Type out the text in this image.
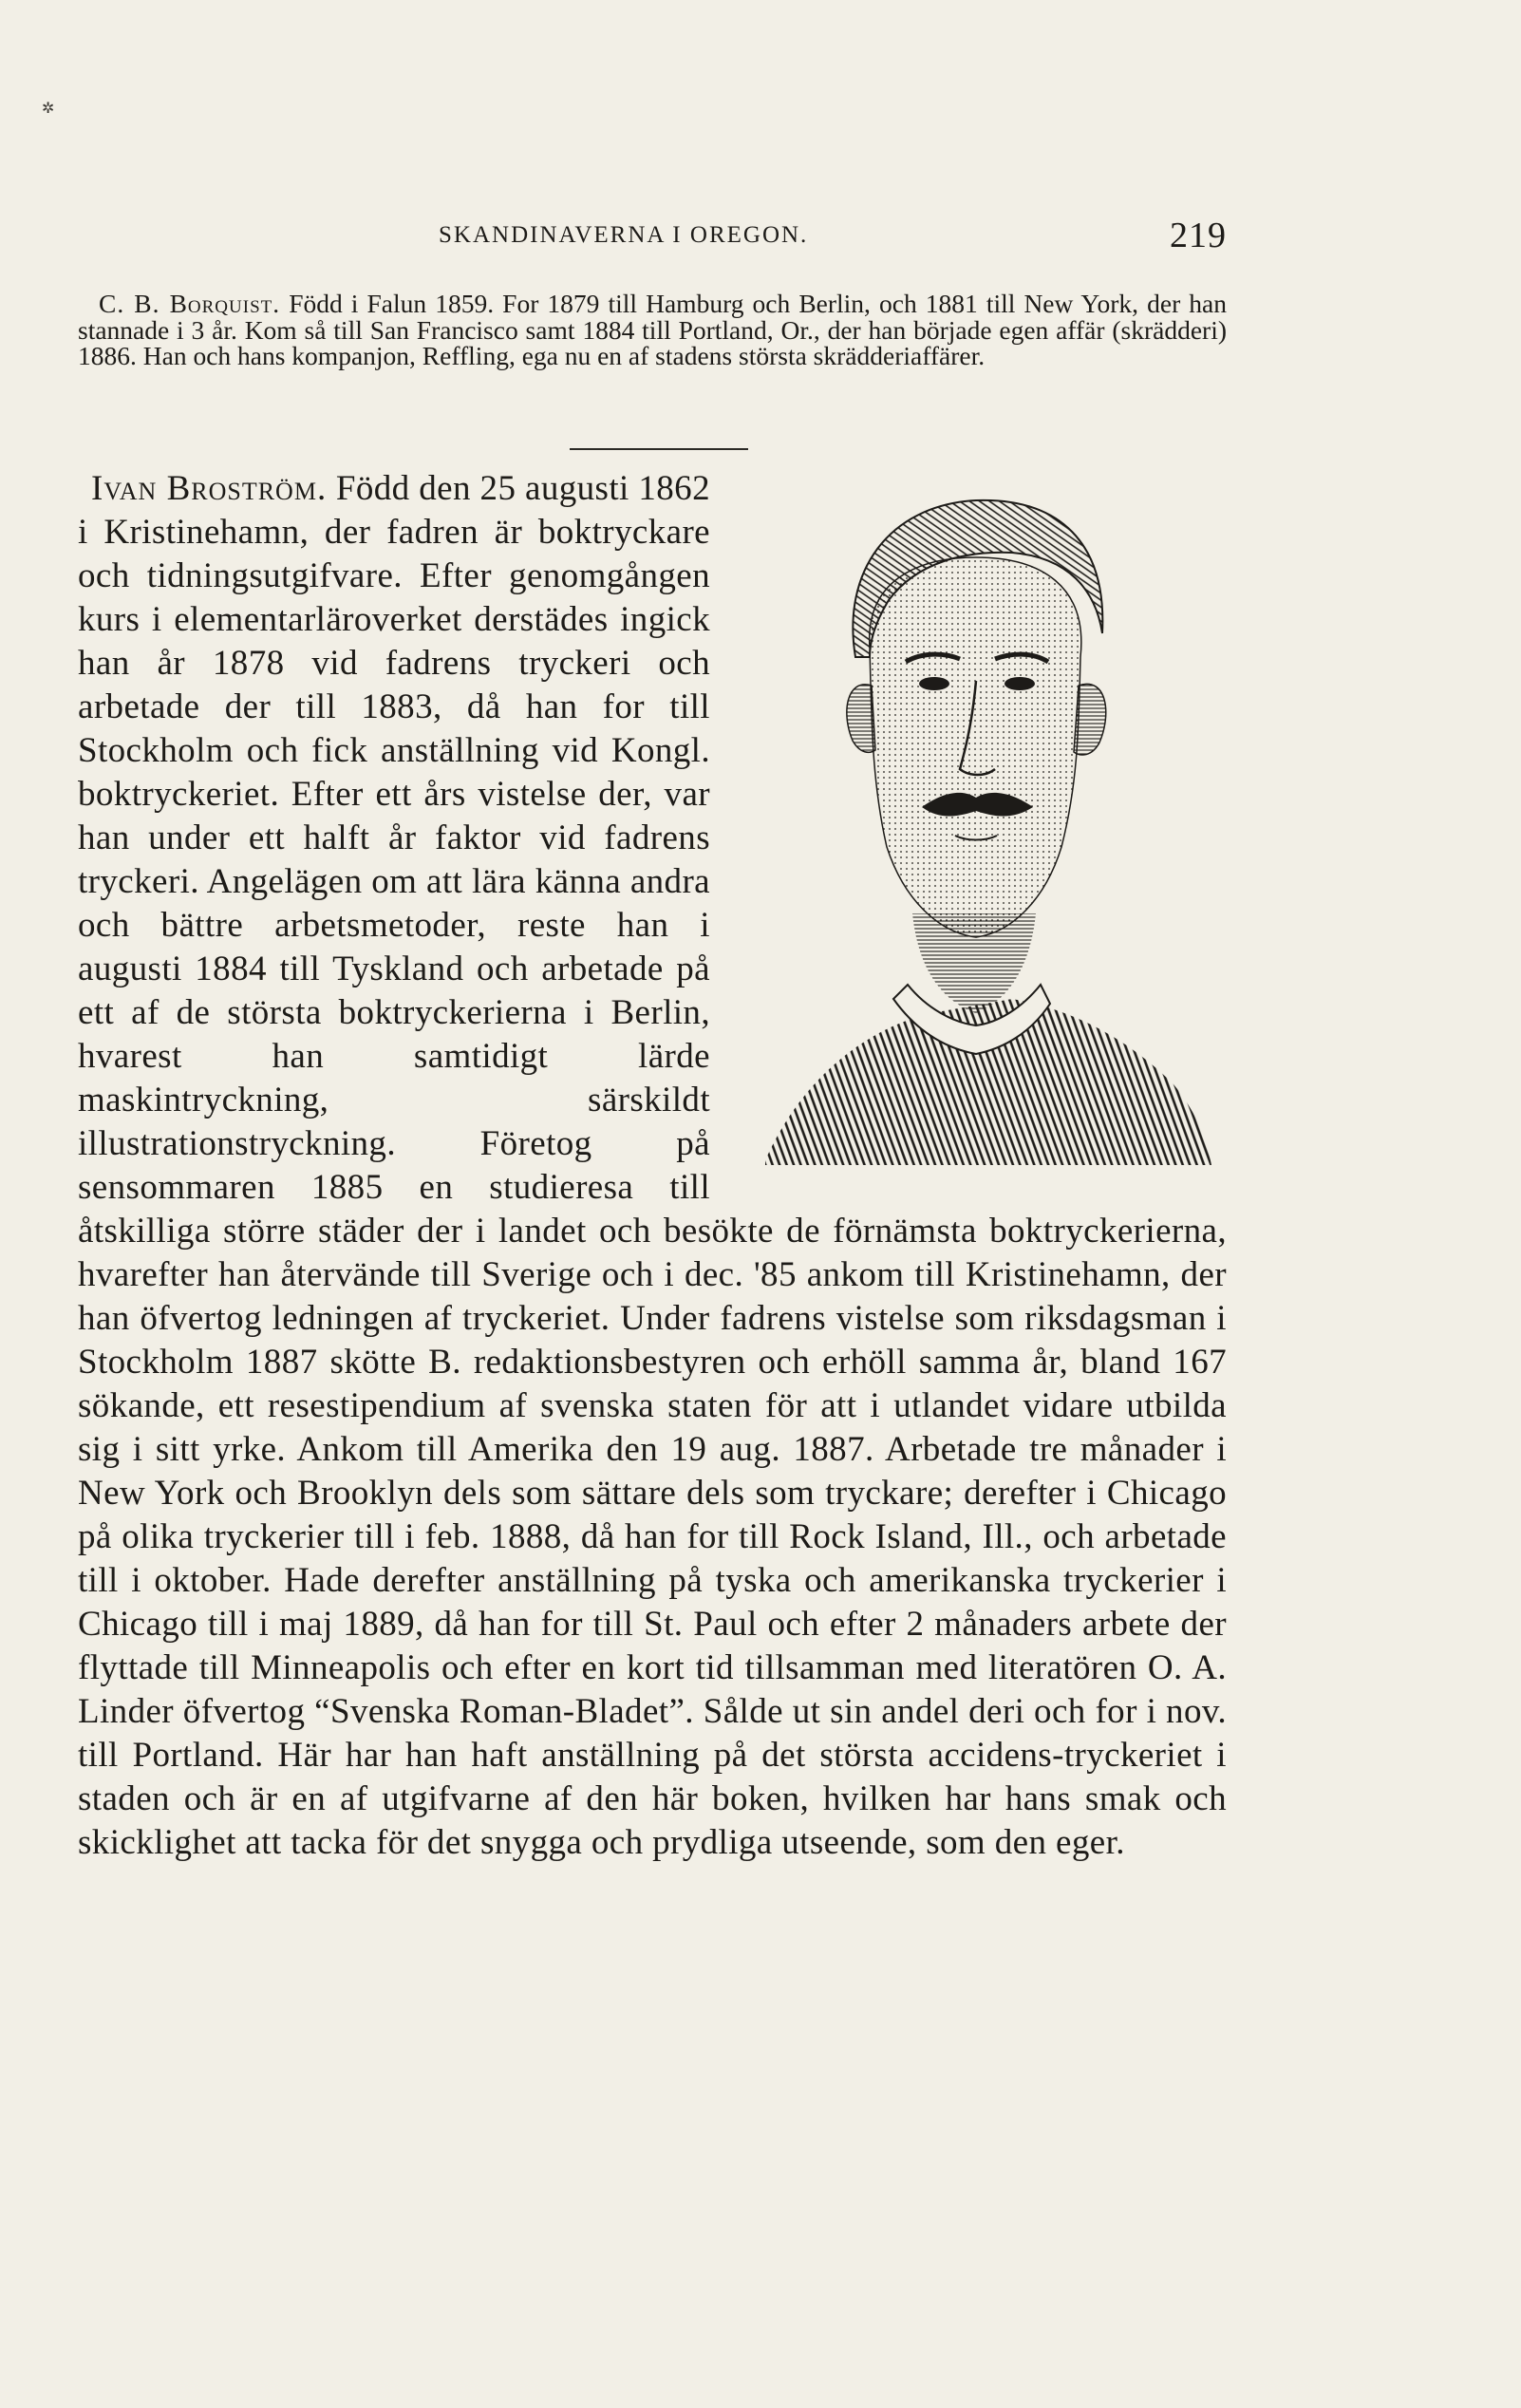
✲
SKANDINAVERNA I OREGON.	219

C. B. Borquist. Född i Falun 1859. For 1879 till Hamburg och Berlin, och 1881 till New York, der han stannade i 3 år. Kom så till San Francisco samt 1884 till Portland, Or., der han började egen affär (skrädderi) 1886. Han och hans kompanjon, Reffling, ega nu en af stadens största skrädderiaffärer.

Ivan Broström. Född den 25 augusti 1862 i Kristinehamn, der fadren är boktryckare och tidningsutgifvare. Efter genomgången kurs i elementarläroverket derstädes ingick han år 1878 vid fadrens tryckeri och arbetade der till 1883, då han for till Stockholm och fick anställning vid Kongl. boktryckeriet. Efter ett års vistelse der, var han under ett halft år faktor vid fadrens tryckeri. Angelägen om att lära känna andra och bättre arbetsmetoder, reste han i augusti 1884 till Tyskland och arbetade på ett af de största boktryckerierna i Berlin, hvarest han samtidigt lärde maskintryckning, särskildt illustrationstryckning. Företog på sensommaren 1885 en studieresa till åtskilliga större städer der i landet och besökte de förnämsta boktryckerierna, hvarefter han återvände till Sverige och i dec. '85 ankom till Kristinehamn, der han öfvertog ledningen af tryckeriet. Under fadrens vistelse som riksdagsman i Stockholm 1887 skötte B. redaktionsbestyren och erhöll samma år, bland 167 sökande, ett resestipendium af svenska staten för att i utlandet vidare utbilda sig i sitt yrke. Ankom till Amerika den 19 aug. 1887. Arbetade tre månader i New York och Brooklyn dels som sättare dels som tryckare; derefter i Chicago på olika tryckerier till i feb. 1888, då han for till Rock Island, Ill., och arbetade till i oktober. Hade derefter anställning på tyska och amerikanska tryckerier i Chicago till i maj 1889, då han for till St. Paul och efter 2 månaders arbete der flyttade till Minneapolis och efter en kort tid tillsamman med literatören O. A. Linder öfvertog “Svenska Roman-Bladet”. Sålde ut sin andel deri och for i nov. till Portland. Här har han haft anställning på det största accidens-tryckeriet i staden och är en af utgifvarne af den här boken, hvilken har hans smak och skicklighet att tacka för det snygga och prydliga utseende, som den eger.
